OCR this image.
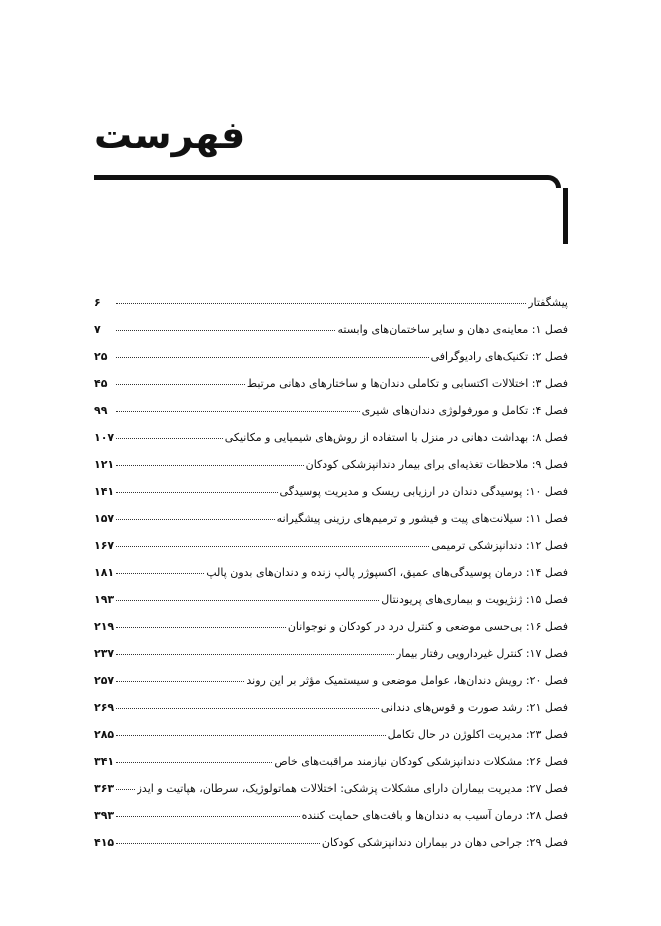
فهرست
پیشگفتار
۶
فصل ۱: معاینه‌ی دهان و سایر ساختمان‌های وابسته
۷
فصل ۲: تکنیک‌های رادیوگرافی
۲۵
فصل ۳: اختلالات اکتسابی و تکاملی دندان‌ها و ساختارهای دهانی مرتبط
۴۵
فصل ۴: تکامل و مورفولوژی دندان‌های شیری
۹۹
فصل ۸: بهداشت دهانی در منزل با استفاده از روش‌های شیمیایی و مکانیکی
۱۰۷
فصل ۹: ملاحظات تغذیه‌ای برای بیمار دندانپزشکی کودکان
۱۲۱
فصل ۱۰: پوسیدگی دندان در ارزیابی ریسک و مدیریت پوسیدگی
۱۴۱
فصل ۱۱: سیلانت‌های پیت و فیشور و ترمیم‌های رزینی پیشگیرانه
۱۵۷
فصل ۱۲: دندانپزشکی ترمیمی
۱۶۷
فصل ۱۴: درمان پوسیدگی‌های عمیق، اکسپوژر پالپ زنده و دندان‌های بدون پالپ
۱۸۱
فصل ۱۵: ژنژیویت و بیماری‌های پریودنتال
۱۹۳
فصل ۱۶: بی‌حسی موضعی و کنترل درد در کودکان و نوجوانان
۲۱۹
فصل ۱۷: کنترل غیردارویی رفتار بیمار
۲۳۷
فصل ۲۰: رویش دندان‌ها، عوامل موضعی و سیستمیک مؤثر بر این روند
۲۵۷
فصل ۲۱: رشد صورت و قوس‌های دندانی
۲۶۹
فصل ۲۳: مدیریت اکلوژن در حال تکامل
۲۸۵
فصل ۲۶: مشکلات دندانپزشکی کودکان نیازمند مراقبت‌های خاص
۳۴۱
فصل ۲۷: مدیریت بیماران دارای مشکلات پزشکی: اختلالات هماتولوژیک، سرطان، هپاتیت و ایدز
۳۶۳
فصل ۲۸: درمان آسیب به دندان‌ها و بافت‌های حمایت کننده
۳۹۳
فصل ۲۹: جراحی دهان در بیماران دندانپزشکی کودکان
۴۱۵
